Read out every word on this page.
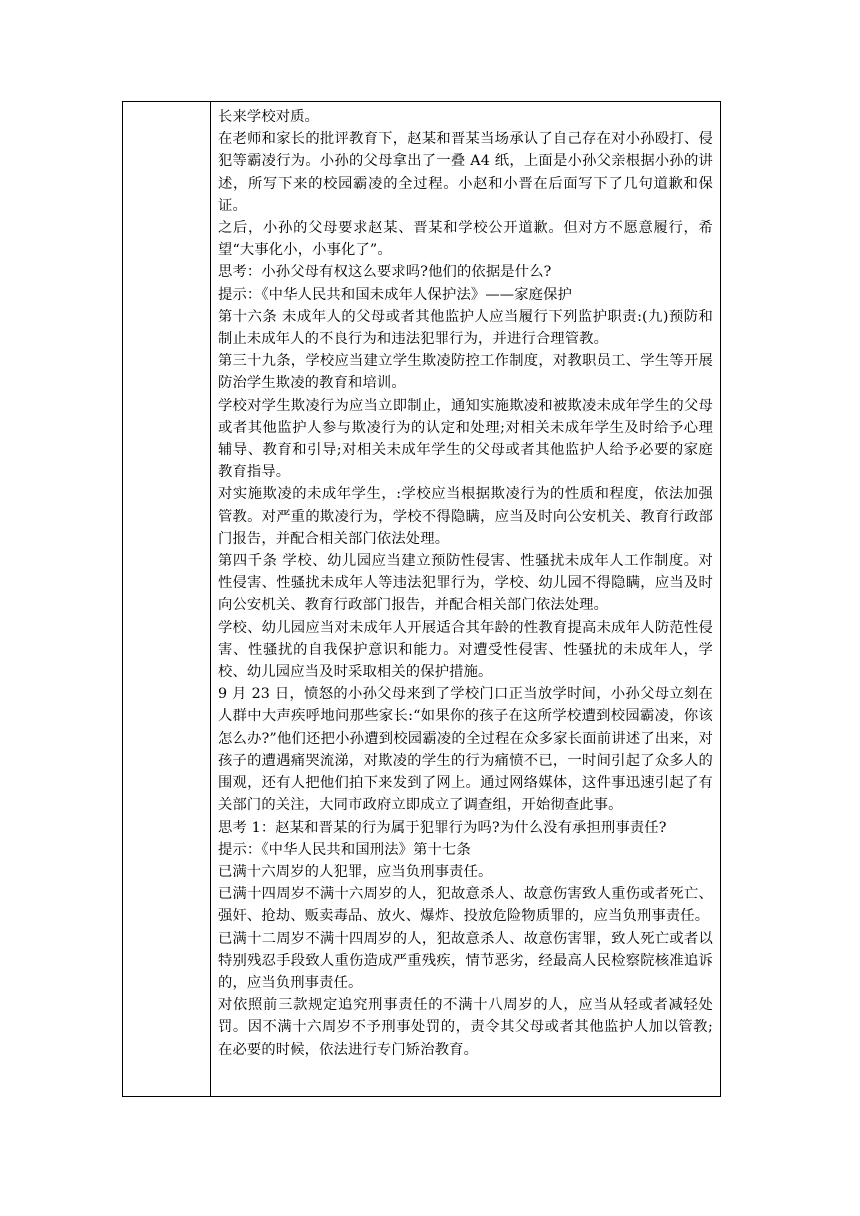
长来学校对质。

在老师和家长的批评教育下，赵某和晋某当场承认了自己存在对小孙殴打、侵犯等霸凌行为。小孙的父母拿出了一叠 A4 纸，上面是小孙父亲根据小孙的讲述，所写下来的校园霸凌的全过程。小赵和小晋在后面写下了几句道歉和保证。

之后，小孙的父母要求赵某、晋某和学校公开道歉。但对方不愿意履行，希望“大事化小，小事化了”。

思考：小孙父母有权这么要求吗?他们的依据是什么?

提示：《中华人民共和国未成年人保护法》——家庭保护

第十六条 未成年人的父母或者其他监护人应当履行下列监护职责:(九)预防和制止未成年人的不良行为和违法犯罪行为，并进行合理管教。

第三十九条，学校应当建立学生欺凌防控工作制度，对教职员工、学生等开展防治学生欺凌的教育和培训。

学校对学生欺凌行为应当立即制止，通知实施欺凌和被欺凌未成年学生的父母或者其他监护人参与欺凌行为的认定和处理;对相关未成年学生及时给予心理辅导、教育和引导;对相关未成年学生的父母或者其他监护人给予必要的家庭教育指导。

对实施欺凌的未成年学生，:学校应当根据欺凌行为的性质和程度，依法加强管教。对严重的欺凌行为，学校不得隐瞒，应当及时向公安机关、教育行政部门报告，并配合相关部门依法处理。

第四千条 学校、幼儿园应当建立预防性侵害、性骚扰未成年人工作制度。对性侵害、性骚扰未成年人等违法犯罪行为，学校、幼儿园不得隐瞒，应当及时向公安机关、教育行政部门报告，并配合相关部门依法处理。

学校、幼儿园应当对未成年人开展适合其年龄的性教育提高未成年人防范性侵害、性骚扰的自我保护意识和能力。对遭受性侵害、性骚扰的未成年人，学校、幼儿园应当及时采取相关的保护措施。

9 月 23 日，愤怒的小孙父母来到了学校门口正当放学时间，小孙父母立刻在人群中大声疾呼地问那些家长:“如果你的孩子在这所学校遭到校园霸凌，你该怎么办?”他们还把小孙遭到校园霸凌的全过程在众多家长面前讲述了出来，对孩子的遭遇痛哭流涕，对欺凌的学生的行为痛愤不已，一时间引起了众多人的围观，还有人把他们拍下来发到了网上。通过网络媒体，这件事迅速引起了有关部门的关注，大同市政府立即成立了调查组，开始彻查此事。

思考 1：赵某和晋某的行为属于犯罪行为吗?为什么没有承担刑事责任?

提示：《中华人民共和国刑法》第十七条

已满十六周岁的人犯罪，应当负刑事责任。

已满十四周岁不满十六周岁的人，犯故意杀人、故意伤害致人重伤或者死亡、强奸、抢劫、贩卖毒品、放火、爆炸、投放危险物质罪的，应当负刑事责任。

已满十二周岁不满十四周岁的人，犯故意杀人、故意伤害罪，致人死亡或者以特别残忍手段致人重伤造成严重残疾，情节恶劣，经最高人民检察院核准追诉的，应当负刑事责任。

对依照前三款规定追究刑事责任的不满十八周岁的人，应当从轻或者减轻处罚。因不满十六周岁不予刑事处罚的，责令其父母或者其他监护人加以管教;在必要的时候，依法进行专门矫治教育。
